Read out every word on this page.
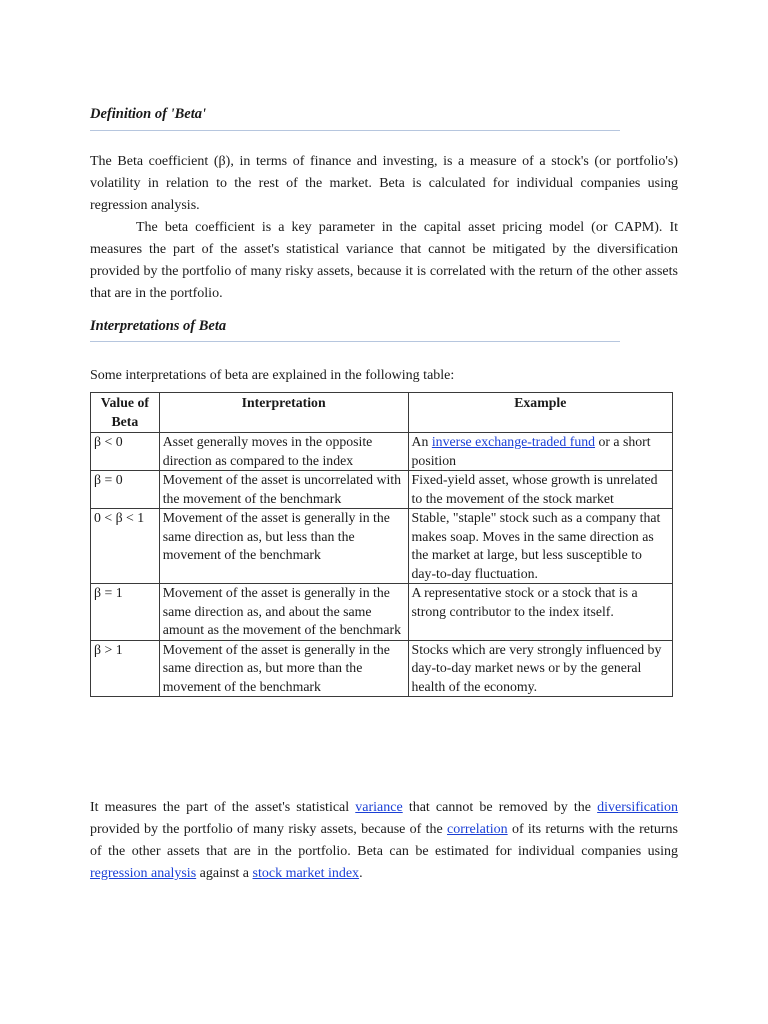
Definition of 'Beta'

The Beta coefficient (β), in terms of finance and investing, is a measure of a stock's (or portfolio's) volatility in relation to the rest of the market. Beta is calculated for individual companies using regression analysis.

The beta coefficient is a key parameter in the capital asset pricing model (or CAPM). It measures the part of the asset's statistical variance that cannot be mitigated by the diversification provided by the portfolio of many risky assets, because it is correlated with the return of the other assets that are in the portfolio.

Interpretations of Beta

Some interpretations of beta are explained in the following table:

Value of Beta	Interpretation	Example
β < 0	Asset generally moves in the opposite direction as compared to the index	An inverse exchange-traded fund or a short position
β = 0	Movement of the asset is uncorrelated with the movement of the benchmark	Fixed-yield asset, whose growth is unrelated to the movement of the stock market
0 < β < 1	Movement of the asset is generally in the same direction as, but less than the movement of the benchmark	Stable, "staple" stock such as a company that makes soap. Moves in the same direction as the market at large, but less susceptible to day-to-day fluctuation.
β = 1	Movement of the asset is generally in the same direction as, and about the same amount as the movement of the benchmark	A representative stock or a stock that is a strong contributor to the index itself.
β > 1	Movement of the asset is generally in the same direction as, but more than the movement of the benchmark	Stocks which are very strongly influenced by day-to-day market news or by the general health of the economy.

It measures the part of the asset's statistical variance that cannot be removed by the diversification provided by the portfolio of many risky assets, because of the correlation of its returns with the returns of the other assets that are in the portfolio. Beta can be estimated for individual companies using regression analysis against a stock market index.
